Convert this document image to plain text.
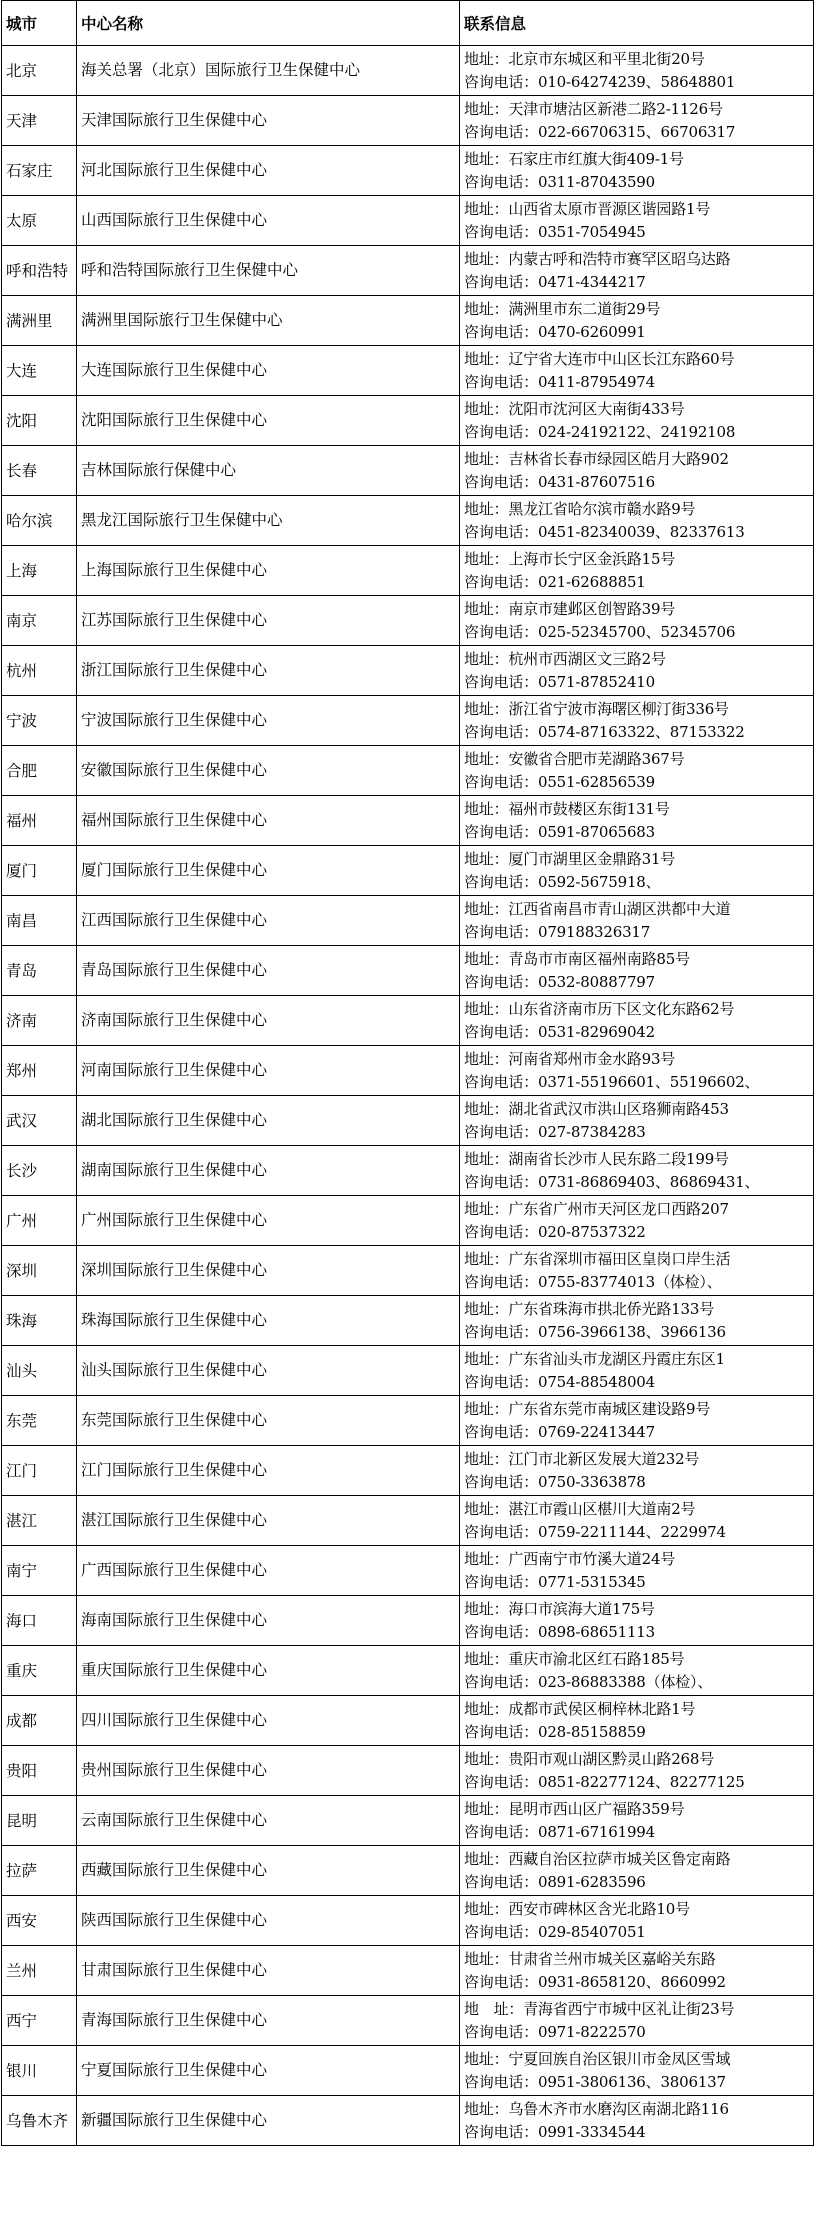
城市	中心名称	联系信息
北京	海关总署（北京）国际旅行卫生保健中心	地址：北京市东城区和平里北街20号
咨询电话：010-64274239、58648801

天津	天津国际旅行卫生保健中心	地址：天津市塘沽区新港二路2-1126号
咨询电话：022-66706315、66706317

石家庄	河北国际旅行卫生保健中心	地址：石家庄市红旗大街409-1号
咨询电话：0311-87043590

太原	山西国际旅行卫生保健中心	地址：山西省太原市晋源区谐园路1号
咨询电话：0351-7054945

呼和浩特	呼和浩特国际旅行卫生保健中心	地址：内蒙古呼和浩特市赛罕区昭乌达路
咨询电话：0471-4344217

满洲里	满洲里国际旅行卫生保健中心	地址：满洲里市东二道街29号
咨询电话：0470-6260991

大连	大连国际旅行卫生保健中心	地址：辽宁省大连市中山区长江东路60号
咨询电话：0411-87954974

沈阳	沈阳国际旅行卫生保健中心	地址：沈阳市沈河区大南街433号
咨询电话：024-24192122、24192108

长春	吉林国际旅行保健中心	地址：吉林省长春市绿园区皓月大路902
咨询电话：0431-87607516

哈尔滨	黑龙江国际旅行卫生保健中心	地址：黑龙江省哈尔滨市赣水路9号
咨询电话：0451-82340039、82337613

上海	上海国际旅行卫生保健中心	地址：上海市长宁区金浜路15号
咨询电话：021-62688851

南京	江苏国际旅行卫生保健中心	地址：南京市建邺区创智路39号
咨询电话：025-52345700、52345706

杭州	浙江国际旅行卫生保健中心	地址：杭州市西湖区文三路2号
咨询电话：0571-87852410

宁波	宁波国际旅行卫生保健中心	地址：浙江省宁波市海曙区柳汀街336号
咨询电话：0574-87163322、87153322

合肥	安徽国际旅行卫生保健中心	地址：安徽省合肥市芜湖路367号
咨询电话：0551-62856539

福州	福州国际旅行卫生保健中心	地址：福州市鼓楼区东街131号
咨询电话：0591-87065683

厦门	厦门国际旅行卫生保健中心	地址：厦门市湖里区金鼎路31号
咨询电话：0592-5675918、

南昌	江西国际旅行卫生保健中心	地址：江西省南昌市青山湖区洪都中大道
咨询电话：079188326317

青岛	青岛国际旅行卫生保健中心	地址：青岛市市南区福州南路85号
咨询电话：0532-80887797

济南	济南国际旅行卫生保健中心	地址：山东省济南市历下区文化东路62号
咨询电话：0531-82969042

郑州	河南国际旅行卫生保健中心	地址：河南省郑州市金水路93号
咨询电话：0371-55196601、55196602、

武汉	湖北国际旅行卫生保健中心	地址：湖北省武汉市洪山区珞狮南路453
咨询电话：027-87384283

长沙	湖南国际旅行卫生保健中心	地址：湖南省长沙市人民东路二段199号
咨询电话：0731-86869403、86869431、

广州	广州国际旅行卫生保健中心	地址：广东省广州市天河区龙口西路207
咨询电话：020-87537322

深圳	深圳国际旅行卫生保健中心	地址：广东省深圳市福田区皇岗口岸生活
咨询电话：0755-83774013（体检）、

珠海	珠海国际旅行卫生保健中心	地址：广东省珠海市拱北侨光路133号
咨询电话：0756-3966138、3966136

汕头	汕头国际旅行卫生保健中心	地址：广东省汕头市龙湖区丹霞庄东区1
咨询电话：0754-88548004

东莞	东莞国际旅行卫生保健中心	地址：广东省东莞市南城区建设路9号
咨询电话：0769-22413447

江门	江门国际旅行卫生保健中心	地址：江门市北新区发展大道232号
咨询电话：0750-3363878

湛江	湛江国际旅行卫生保健中心	地址：湛江市霞山区椹川大道南2号
咨询电话：0759-2211144、2229974

南宁	广西国际旅行卫生保健中心	地址：广西南宁市竹溪大道24号
咨询电话：0771-5315345

海口	海南国际旅行卫生保健中心	地址：海口市滨海大道175号
咨询电话：0898-68651113

重庆	重庆国际旅行卫生保健中心	地址：重庆市渝北区红石路185号
咨询电话：023-86883388（体检）、

成都	四川国际旅行卫生保健中心	地址：成都市武侯区桐梓林北路1号
咨询电话：028-85158859

贵阳	贵州国际旅行卫生保健中心	地址：贵阳市观山湖区黔灵山路268号
咨询电话：0851-82277124、82277125

昆明	云南国际旅行卫生保健中心	地址：昆明市西山区广福路359号
咨询电话：0871-67161994

拉萨	西藏国际旅行卫生保健中心	地址：西藏自治区拉萨市城关区鲁定南路
咨询电话：0891-6283596

西安	陕西国际旅行卫生保健中心	地址：西安市碑林区含光北路10号
咨询电话：029-85407051

兰州	甘肃国际旅行卫生保健中心	地址：甘肃省兰州市城关区嘉峪关东路
咨询电话：0931-8658120、8660992

西宁	青海国际旅行卫生保健中心	地　址：青海省西宁市城中区礼让街23号
咨询电话：0971-8222570

银川	宁夏国际旅行卫生保健中心	地址：宁夏回族自治区银川市金凤区雪域
咨询电话：0951-3806136、3806137

乌鲁木齐	新疆国际旅行卫生保健中心	地址：乌鲁木齐市水磨沟区南湖北路116
咨询电话：0991-3334544
